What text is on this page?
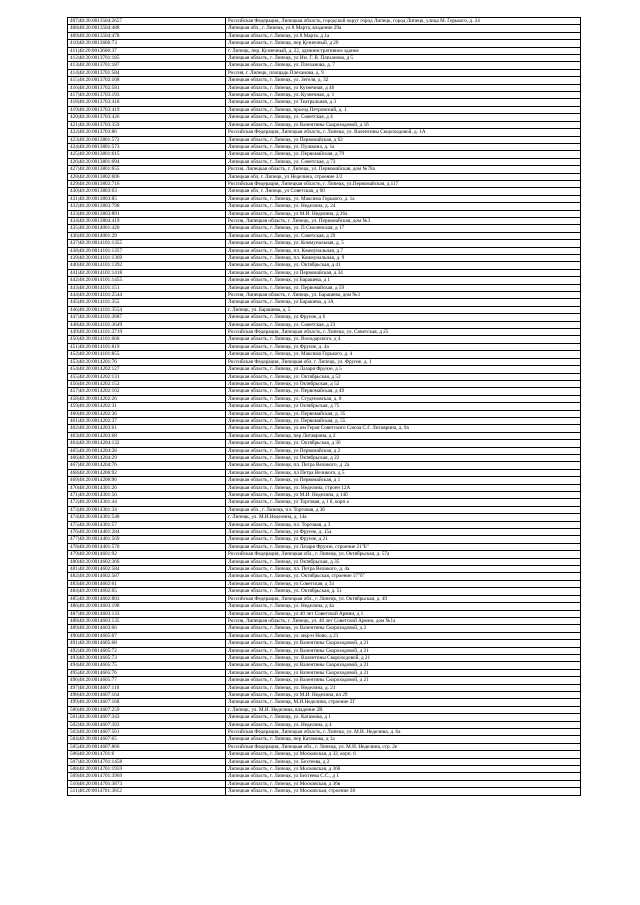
407|48:20:0013504:2657	Российская Федерация, Липецкая область, городской округ город Липецк, город Липецк, улица М. Горького, д. 24
408|48:20:0013504:488	Липецкая обл., г. Липецк, ул 8 Марта, владение 29а
409|48:20:0013504:478	Липецкая область, г. Липецк, ул 8 Марта, д 1а
410|48:20:0013606:73	Липецкая область, г. Липецк, пер Кузнечный, д 20
411|48:20:0013606:37	г. Липецк, пер. Кузнечный, д. 22, административное здание
412|48:20:0013701:185	Липецкая область, г. Липецк, ул Им. Г. В. Плеханова, д 5
413|48:20:0013701:187	Липецкая область, г. Липецк, ул. Плеханова, д. 7
414|48:20:0013701:584	Россия, г. Липецк, площадь Плеханова, д. 9
415|48:20:0013702:168	Липецкая область, г. Липецк, ул. Зегеля, д. 32
416|48:20:0013702:581	Липецкая область, г. Липецк, ул Кузнечная, д 46
417|48:20:0013703:193	Липецкая область, г. Липецк, ул. Кузнечная, д. 1
418|48:20:0013703:418	Липецкая область, г. Липецк, ул Театральная, д 3
419|48:20:0013703:419	Липецкая область, г. Липецк, проезд Петровский, д. 1
420|48:20:0013703:426	Липецкая область, г. Липецк, ул. Советская, д 4
421|48:20:0013703:359	Липецкая область, г. Липецк, ул Валентины Скороходовой, д 1б
422|48:20:0013703:86	Российская Федерация, Липецкая область, г. Липецк, ул. Валентины Скороходовой, д. 1А
423|48:20:0013801:572	Липецкая область, г. Липецк, ул Первомайская, д 62
424|48:20:0013801:573	Липецкая область, г. Липецк, ул. Пушкина, д. 1а
425|48:20:0013801:615	Липецкая область, г. Липецк, ул. Первомайская, д 79
426|48:20:0013801:694	Липецкая область, г. Липецк, ул. Советская, д 73
427|48:20:0013801:655	Россия, Липецкая область, г. Липецк, ул. Первомайская, дом №78а
428|48:20:0013802:606	Липецкая обл, г. Липецк, ул Неделина, строение 3/2
429|48:20:0013802:716	Российская Федерация, Липецкая область, г. Липецк, ул.Первомайская, д.117
430|48:20:0013803:63	Липецкая обл, г. Липецк, ул Советская, д 60
431|48:20:0013803:85	Липецкая область, г. Липецк, ул. Максима Горького, д. 1а
432|48:20:0013803:798	Липецкая область, г. Липецк, ул. Неделина, д. 24
433|48:20:0013803:891	Липецкая область, г. Липецк, ул М.И. Неделина, д 26а
434|48:20:0013804:419	Россия, Липецкая область, г. Липецк, ул. Первомайская, дом №3
435|48:20:0014001:420	Липецкая область, г. Липецк, ул. П.Смоленская, д 17
436|48:20:0014001:29	Липецкая область, г. Липецк, ул. Советская, д 29
437|48:20:0014101:1355	Липецкая область, г. Липецк, ул. Коммунальная, д. 5
438|48:20:0014101:1357	Липецкая область, г. Липецк, пл. Коммунальная, д 7
439|48:20:0014101:1369	Липецкая область, г. Липецк, пл. Коммунальная, д. 9
440|48:20:0014101:1392	Липецкая область, г. Липецк, ул. Октябрьская, д 41
441|48:20:0014101:1418	Липецкая область, г. Липецк, ул Первомайская, д 34
442|48:20:0014101:1455	Липецкая область, г. Липецк, ул Барашева, д 1
443|48:20:0014101:151	Липецкая область, г. Липецк, ул. Первомайская, д 59
444|48:20:0014101:2544	Россия, Липецкая область, г. Липецк, ул. Барашева, дом №3
445|48:20:0014101:355	Липецкая область, г. Липецк, ул Барашева, д 3А
446|48:20:0014101:3554	г. Липецк, ул. Барашева, д. 5
447|48:20:0014101:3687	Липецкая область, г. Липецк, ул Фрунзе, д 6
448|48:20:0014101:3649	Липецкая область, г. Липецк, ул. Советская, д 23
449|48:20:0014101:3719	Российская Федерация, Липецкая область, г. Липецк, ул. Советская, д 25
450|48:20:0014101:668	Липецкая область, г. Липецк, ул. Володарского, д 4
451|48:20:0014101:819	Липецкая область, г. Липецк, ул Фрунзе, д. 4а
452|48:20:0014101:855	Липецкая область, г. Липецк, ул. Максима Горького, д. 4
453|48:20:0014201:76	Российская Федерация, Липецкая обл, г. Липецк, ул. Фрунзе, д. 1
454|48:20:0014202:127	Липецкая область, г. Липецк, ул Лазаря Фрунзе, д 5
455|48:20:0014202:131	Липецкая область, г. Липецк, ул. Октябрьская, д 52
456|48:20:0014202:152	Липецкая область, г. Липецк, ул Октябрьская, д 52
457|48:20:0014202:162	Липецкая область, г. Липецк, ул. Первомайская, д 49
458|48:20:0014202:26	Липецкая область, г. Липецк, ул. Студеновская, д. 8
459|48:20:0014202:31	Липецкая область, г. Липецк, ул Октябрьская, д 75
460|48:20:0014202:36	Липецкая область, г. Липецк, ул. Первомайская, д. 35
461|48:20:0014202:37	Липецкая область, г. Липецк, ул. Первомайская, д. 55
462|48:20:0014203:61	Липецкая область, г. Липецк, ул им Героя Советского Союза С.Г. Литаврина, д. 9а
463|48:20:0014203:68	Липецкая область, г. Липецк, пер Литаврина, д 2
464|48:20:0014204:132	Липецкая область, г. Липецк, ул. Октябрьская, д 36
465|48:20:0014204:28	Липецкая область, г. Липецк, ул Первомайская, д 2
466|48:20:0014204:29	Липецкая область, г. Липецк, ул Октябрьская, д 22
467|48:20:0014204:76	Липецкая область, г. Липецк, пл. Петра Великого, д. 2а
468|48:20:0014206:92	Липецкая область, г. Липецк, пл Петра Великого, д 5
469|48:20:0014206:96	Липецкая область, г. Липецк, ул Первомайская, д 1
470|48:20:0014301:26	Липецкая область, г. Липецк, ул. Неделина, строен 12А
471|48:20:0014301:56	Липецкая область, г. Липецк, ул М.И. Неделина, д 14б
472|48:20:0014301:44	Липецкая область, г. Липецк, ул Торговая, д 1 б, корп а
473|48:20:0014301:34	Липецкая обл., г. Липецк, пл. Торговая, д 3б
474|48:20:0014301:548	г. Липецк, ул. М.И.Неделина, д. 14а
475|48:20:0014301:57	Липецкая область, г. Липецк, пл. Торговая, д 3
476|48:20:0014401:284	Липецкая область, г. Липецк, ул Фрунзе, д. 15а
477|48:20:0014401:569	Липецкая область, г. Липецк, ул Фрунзе, д 21
478|48:20:0014401:570	Липецкая область, г. Липецк, ул Лазаря Фрунзе, строение 21"Б"
479|48:20:0014601:92	Российская Федерация, Липецкая обл., г. Липецк, ул. Октябрьская, д. 57а
480|48:20:0014602:366	Липецкая область, г. Липецк, ул Октябрьская, д 35
481|48:20:0014602:584	Липецкая область, г. Липецк, пл. Петра Великого, д. 4а
482|48:20:0014602:587	Липецкая область, г. Липецк, ул. Октябрьская, строение 17"б"
483|48:20:0014602:61	Липецкая область, г. Липецк, ул Советская, д 33
484|48:20:0014602:65	Липецкая область, г. Липецк, ул. Октябрьская, д. 51
485|48:20:0014602:883	Российская Федерация, Липецкая обл., г. Липецк, ул. Октябрьская, д. 49
486|48:20:0014603:198	Липецкая область, г. Липецк, ул. Неделина, д 4а
487|48:20:0014603:133	Липецкая область, г. Липецк, ул 40 лет Советской Армии, д 1
488|48:20:0014603:135	Россия, Липецкая область, г. Липецк, ул. 40 лет Советской Армии, дом №1а
489|48:20:0014603:66	Липецкая область, г. Липецк, ул Валентины Скороходовой, д 2
490|48:20:0014605:67	Липецкая область, г. Липецк, ул. мкр-н Ново, д 21
491|48:20:0014605:68	Липецкая область, г. Липецк, ул Валентины Скороходовой, д 21
492|48:20:0014605:72	Липецкая область, г. Липецк, ул Валентины Скороходовой, д 21
493|48:20:0014605:73	Липецкая область, г. Липецк, ул. Валентины Скороходовой, д 21
494|48:20:0014605:75	Липецкая область, г. Липецк, ул Валентины Скороходовой, д 21
495|48:20:0014605:76	Липецкая область, г. Липецк, ул Валентины Скороходовой, д 21
496|48:20:0014605:77	Липецкая область, г. Липецк, ул Валентины Скороходовой, д 21
497|48:20:0014607:110	Липецкая область, г. Липецк, ул. Неделина, д. 21
498|48:20:0014607:164	Липецкая область, г. Липецк, ул М.И. Неделина, вл 29
499|48:20:0014607:168	Липецкая область, г. Липецк, М.И.Неделина, строение 2Г
500|48:20:0014607:259	г. Липецк, ул. М.И. Неделина, владение 2В
501|48:20:0014607:343	Липецкая область, г. Липецк, ул. Катамова, д 1
502|48:20:0014607:393	Липецкая область, г. Липецк, ул. Неделина, д 4
503|48:20:0014607:561	Российская Федерация, Липецкая область, г. Липецк, ул. М.И. Неделина, д. 6а
504|48:20:0014607:65	Липецкая область, г. Липецк, пер Катамова, д 1а
505|48:20:0014607:866	Российская Федерация, Липецкая обл., г. Липецк, ул. М.И. Неделина, стр. 2е
506|48:20:0014701:6	Липецкая область, г. Липецк, ул Московская, д 32, корп. 6
507|48:20:0014701:1458	Липецкая область, г. Липецк, ул. Бехтеева, д 2
508|48:20:0014701:1959	Липецкая область, г. Липецк, ул Московская, д 36б
509|48:20:0014701:3969	Липецкая область, г. Липецк, ул Бехтеева С.С., д 1
510|48:20:0014701:3873	Липецкая область, г. Липецк, ул Московская, д 36в
511|48:20:0014701:3812	Липецкая область, г. Липецк, ул Московская, строение 28
